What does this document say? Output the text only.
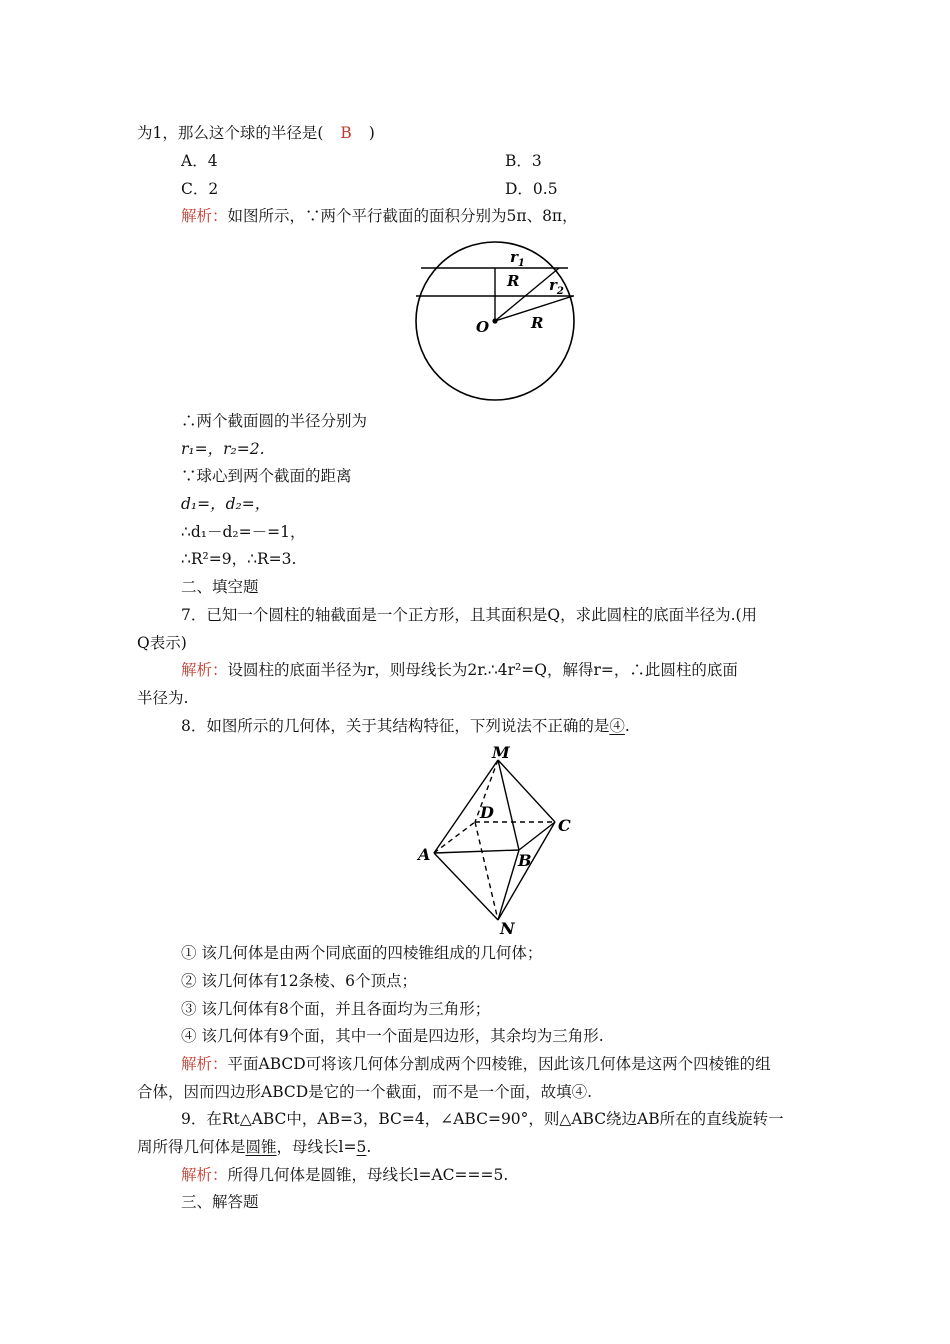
为1，那么这个球的半径是( B )
A．4	B．3
C．2	D．0.5
解析：如图所示，∵两个平行截面的面积分别为5π、8π，
$r_1$
R $r_2$
O	R
∴两个截面圆的半径分别为
r₁=，r₂=2.
∵球心到两个截面的距离
d₁=，d₂=，
∴d₁－d₂=－=1，
∴R²=9，∴R=3.
二、填空题
7．已知一个圆柱的轴截面是一个正方形，且其面积是Q，求此圆柱的底面半径为.(用
Q表示)
解析：设圆柱的底面半径为r，则母线长为2r.∴4r²=Q，解得r=，∴此圆柱的底面
半径为.
8．如图所示的几何体，关于其结构特征，下列说法不正确的是④.
M
D
C
A	B
N
① 该几何体是由两个同底面的四棱锥组成的几何体；
② 该几何体有12条棱、6个顶点；
③ 该几何体有8个面，并且各面均为三角形；
④ 该几何体有9个面，其中一个面是四边形，其余均为三角形.
解析：平面ABCD可将该几何体分割成两个四棱锥，因此该几何体是这两个四棱锥的组
合体，因而四边形ABCD是它的一个截面，而不是一个面，故填④.
9．在Rt△ABC中，AB=3，BC=4，∠ABC=90°，则△ABC绕边AB所在的直线旋转一
周所得几何体是圆锥，母线长l=5.
解析：所得几何体是圆锥，母线长l=AC===5.
三、解答题
